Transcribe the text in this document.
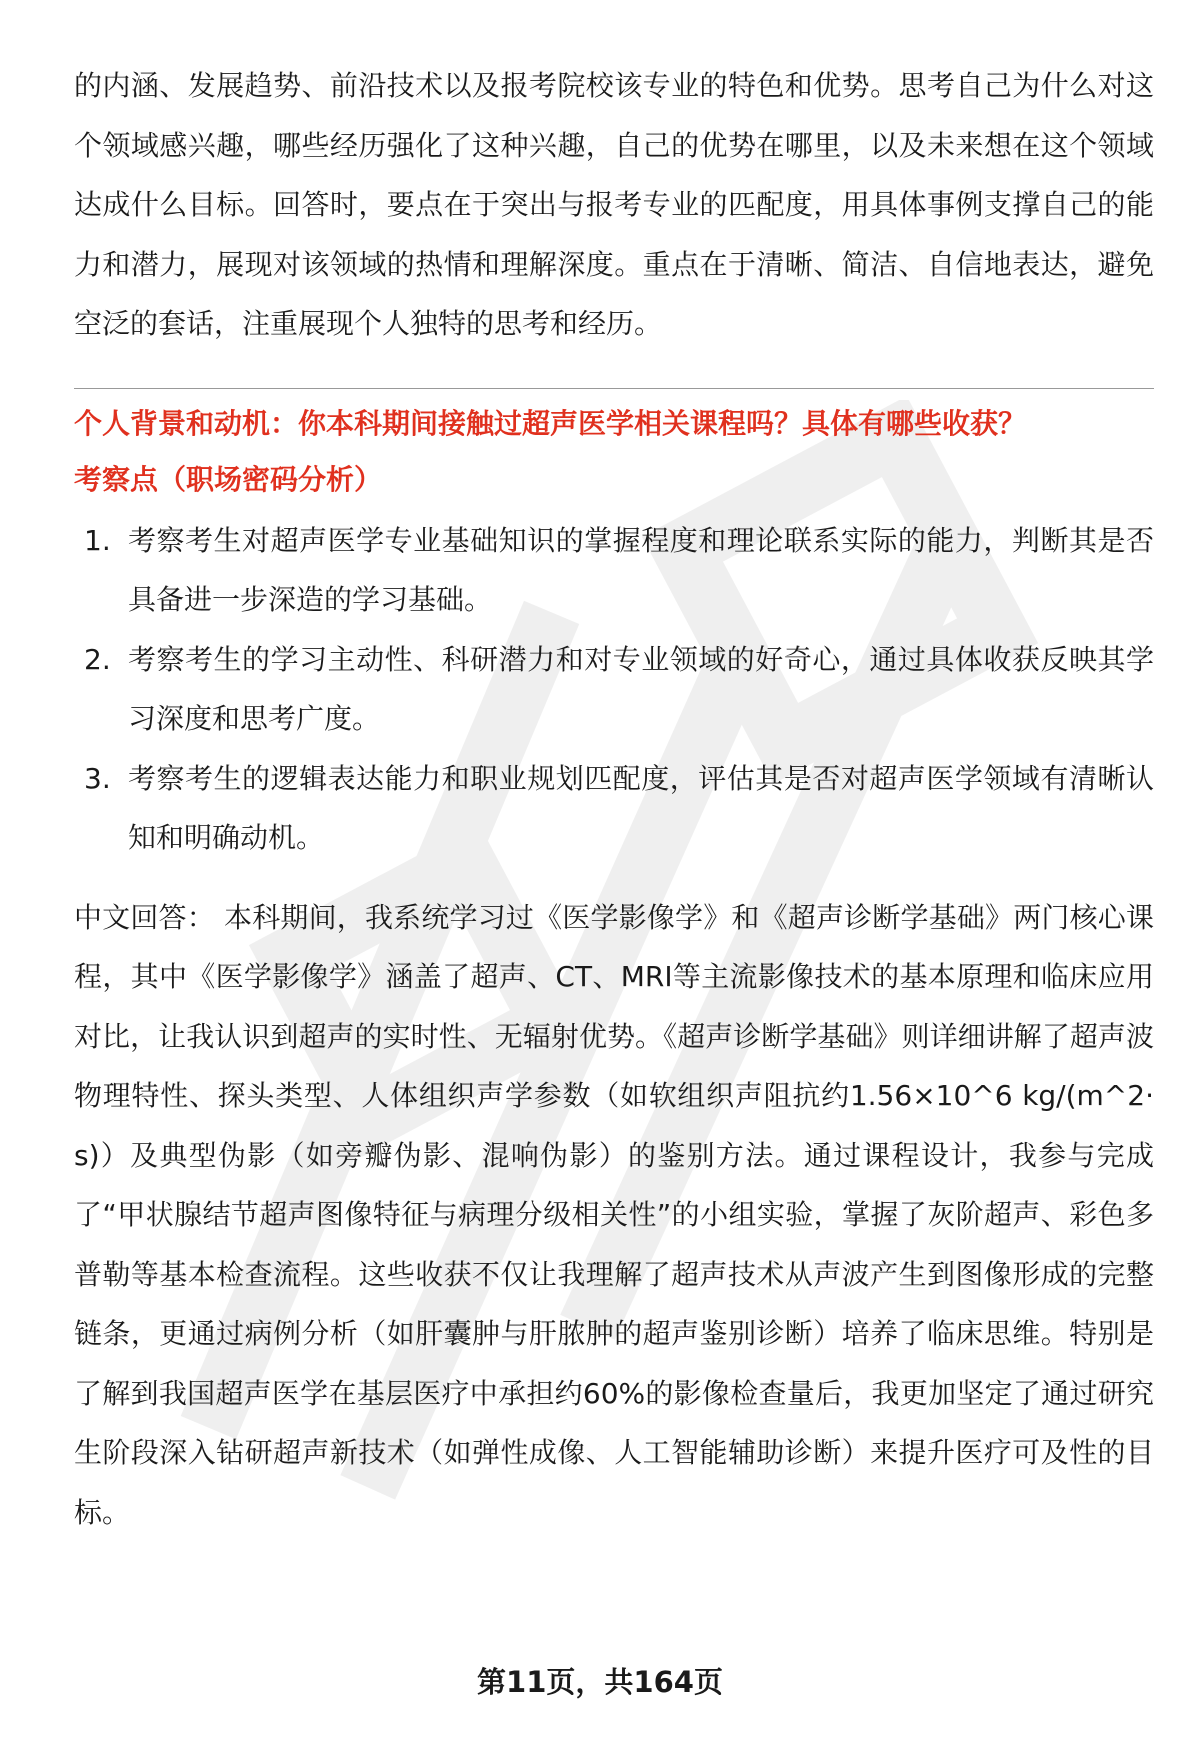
的内涵、发展趋势、前沿技术以及报考院校该专业的特色和优势。思考自己为什么对这个领域感兴趣，哪些经历强化了这种兴趣，自己的优势在哪里，以及未来想在这个领域达成什么目标。回答时，要点在于突出与报考专业的匹配度，用具体事例支撑自己的能力和潜力，展现对该领域的热情和理解深度。重点在于清晰、简洁、自信地表达，避免空泛的套话，注重展现个人独特的思考和经历。

个人背景和动机：你本科期间接触过超声医学相关课程吗？具体有哪些收获？
考察点（职场密码分析）
1. 考察考生对超声医学专业基础知识的掌握程度和理论联系实际的能力，判断其是否具备进一步深造的学习基础。
2. 考察考生的学习主动性、科研潜力和对专业领域的好奇心，通过具体收获反映其学习深度和思考广度。
3. 考察考生的逻辑表达能力和职业规划匹配度，评估其是否对超声医学领域有清晰认知和明确动机。

中文回答： 本科期间，我系统学习过《医学影像学》和《超声诊断学基础》两门核心课程，其中《医学影像学》涵盖了超声、CT、MRI等主流影像技术的基本原理和临床应用对比，让我认识到超声的实时性、无辐射优势。《超声诊断学基础》则详细讲解了超声波物理特性、探头类型、人体组织声学参数（如软组织声阻抗约1.56×10^6 kg/(m^2·s)）及典型伪影（如旁瓣伪影、混响伪影）的鉴别方法。通过课程设计，我参与完成了“甲状腺结节超声图像特征与病理分级相关性”的小组实验，掌握了灰阶超声、彩色多普勒等基本检查流程。这些收获不仅让我理解了超声技术从声波产生到图像形成的完整链条，更通过病例分析（如肝囊肿与肝脓肿的超声鉴别诊断）培养了临床思维。特别是了解到我国超声医学在基层医疗中承担约60%的影像检查量后，我更加坚定了通过研究生阶段深入钻研超声新技术（如弹性成像、人工智能辅助诊断）来提升医疗可及性的目标。

第11页，共164页
